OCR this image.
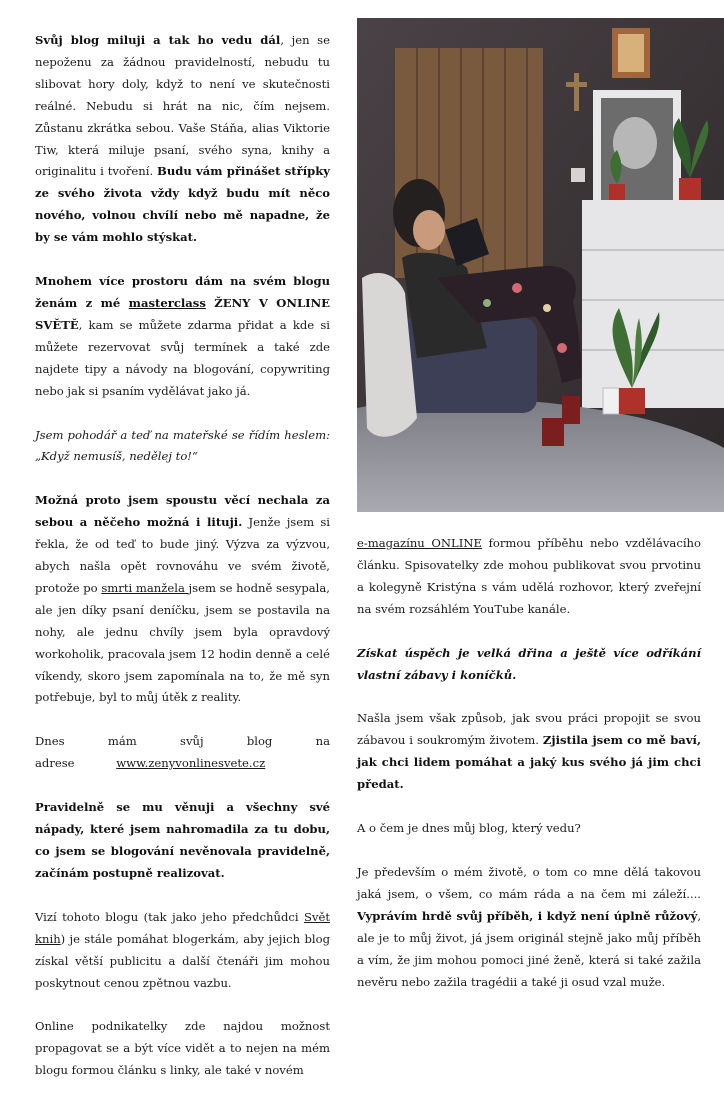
Svůj blog miluji a tak ho vedu dál, jen se nepoženu za žádnou pravidelností, nebudu tu slibovat hory doly, když to není ve skutečnosti reálné. Nebudu si hrát na nic, čím nejsem. Zůstanu zkrátka sebou. Vaše Stáňa, alias Viktorie Tiw, která miluje psaní, svého syna, knihy a originalitu i tvoření. Budu vám přinášet střípky ze svého života vždy když budu mít něco nového, volnou chvílí nebo mě napadne, že by se vám mohlo stýskat.

Mnohem více prostoru dám na svém blogu ženám z mé masterclass ŽENY V ONLINE SVĚTĚ, kam se můžete zdarma přidat a kde si můžete rezervovat svůj termínek a také zde najdete tipy a návody na blogování, copywriting nebo jak si psaním vydělávat jako já.

Jsem pohodář a teď na mateřské se řídím heslem: „Když nemusíš, nedělej to!“

Možná proto jsem spoustu věcí nechala za sebou a něčeho možná i lituji. Jenže jsem si řekla, že od teď to bude jiný. Výzva za výzvou, abych našla opět rovnováhu ve svém životě, protože po smrti manžela jsem se hodně sesypala, ale jen díky psaní deníčku, jsem se postavila na nohy, ale jednu chvíly jsem byla opravdový workoholik, pracovala jsem 12 hodin denně a celé víkendy, skoro jsem zapomínala na to, že mě syn potřebuje, byl to můj útěk z reality.

Dnes mám svůj blog na adrese www.zenyvonlinesvete.cz

Pravidelně se mu věnuji a všechny své nápady, které jsem nahromadila za tu dobu, co jsem se blogování nevěnovala pravidelně, začínám postupně realizovat.

Vizí tohoto blogu (tak jako jeho předchůdci Svět knih) je stále pomáhat blogerkám, aby jejich blog získal větší publicitu a další čtenáři jim mohou poskytnout cenou zpětnou vazbu.

Online podnikatelky zde najdou možnost propagovat se a být více vidět a to nejen na mém blogu formou článku s linky, ale také v novém

e-magazínu ONLINE formou příběhu nebo vzdělávacího článku. Spisovatelky zde mohou publikovat svou prvotinu a kolegyně Kristýna s vám udělá rozhovor, který zveřejní na svém rozsáhlém YouTube kanále.

Získat úspěch je velká dřina a ještě více odříkání vlastní zábavy i koníčků.

Našla jsem však způsob, jak svou práci propojit se svou zábavou i soukromým životem. Zjistila jsem co mě baví, jak chci lidem pomáhat a jaký kus svého já jim chci předat.

A o čem je dnes můj blog, který vedu?

Je především o mém životě, o tom co mne dělá takovou jaká jsem, o všem, co mám ráda a na čem mi záleží.... Vyprávím hrdě svůj příběh, i když není úplně růžový, ale je to můj život, já jsem originál stejně jako můj příběh a vím, že jim mohou pomoci jiné ženě, která si také zažila nevěru nebo zažila tragédii a také ji osud vzal muže.
